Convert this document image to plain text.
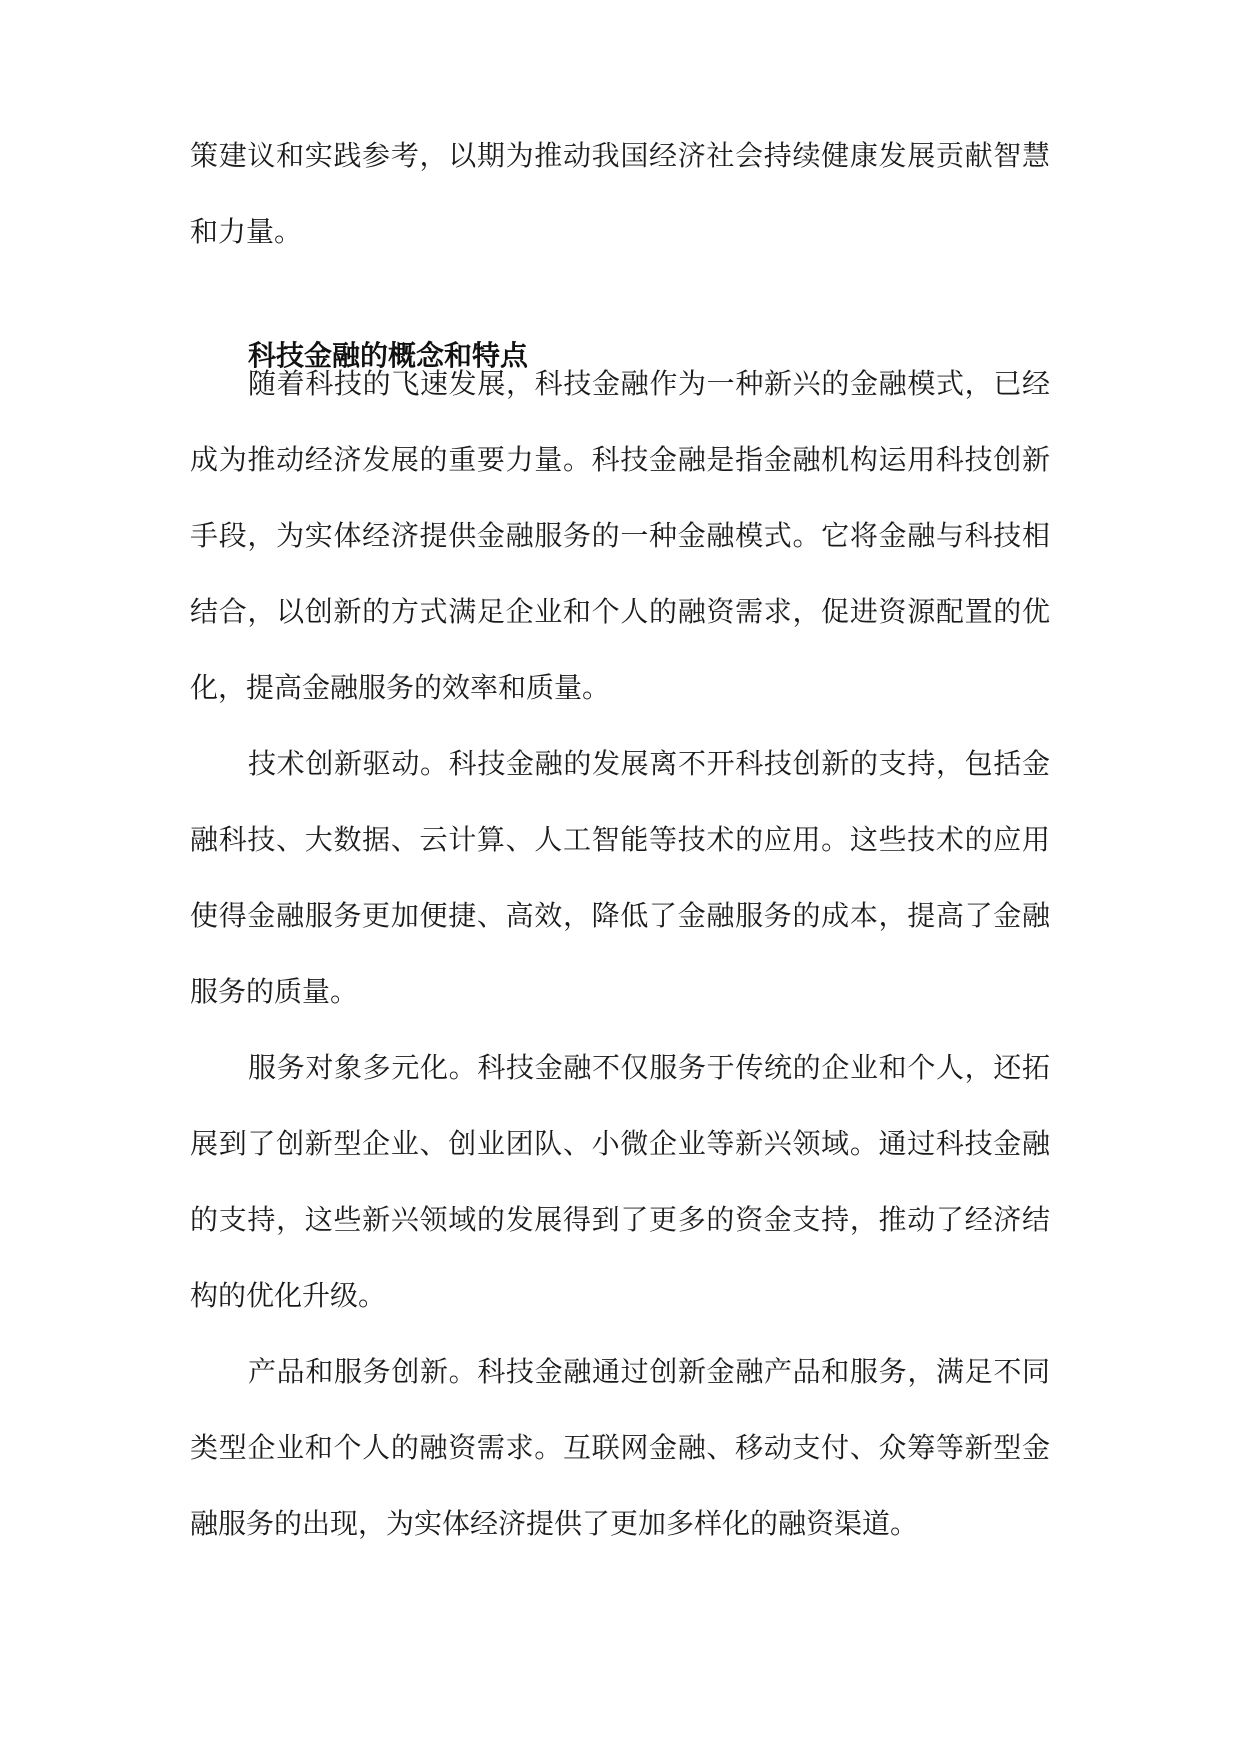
策建议和实践参考，以期为推动我国经济社会持续健康发展贡献智慧和力量。

科技金融的概念和特点

随着科技的飞速发展，科技金融作为一种新兴的金融模式，已经成为推动经济发展的重要力量。科技金融是指金融机构运用科技创新手段，为实体经济提供金融服务的一种金融模式。它将金融与科技相结合，以创新的方式满足企业和个人的融资需求，促进资源配置的优化，提高金融服务的效率和质量。

技术创新驱动。科技金融的发展离不开科技创新的支持，包括金融科技、大数据、云计算、人工智能等技术的应用。这些技术的应用使得金融服务更加便捷、高效，降低了金融服务的成本，提高了金融服务的质量。

服务对象多元化。科技金融不仅服务于传统的企业和个人，还拓展到了创新型企业、创业团队、小微企业等新兴领域。通过科技金融的支持，这些新兴领域的发展得到了更多的资金支持，推动了经济结构的优化升级。

产品和服务创新。科技金融通过创新金融产品和服务，满足不同类型企业和个人的融资需求。互联网金融、移动支付、众筹等新型金融服务的出现，为实体经济提供了更加多样化的融资渠道。
